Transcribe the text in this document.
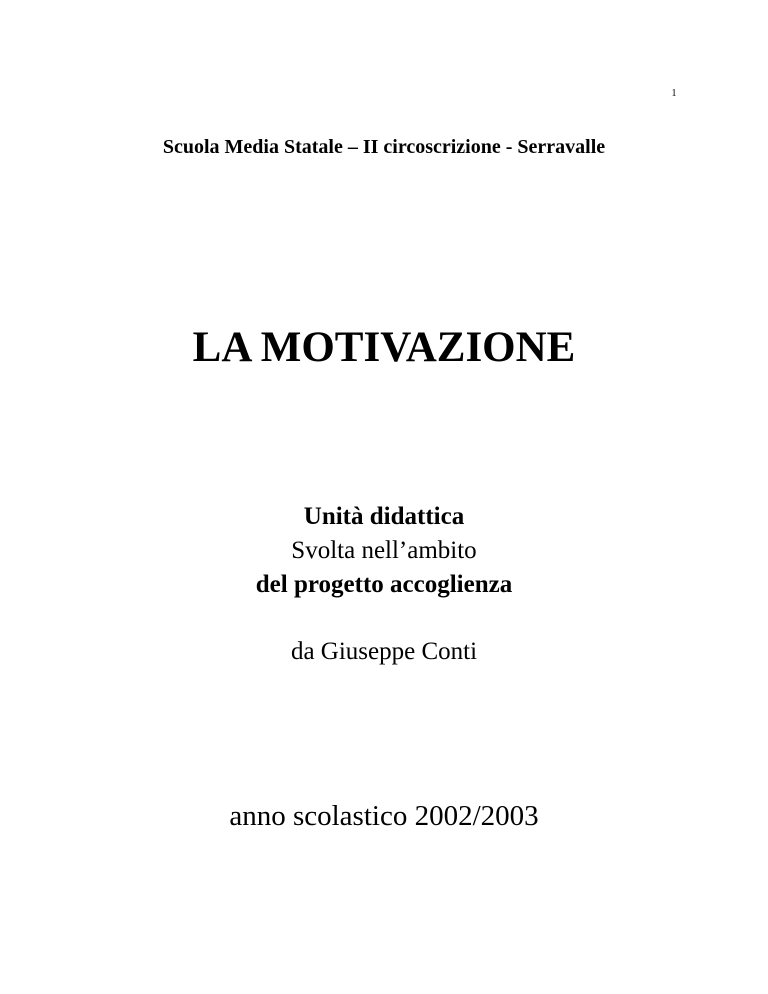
1
Scuola Media Statale – II circoscrizione - Serravalle
LA MOTIVAZIONE
Unità didattica
Svolta nell’ambito
del progetto accoglienza
da Giuseppe Conti
anno scolastico 2002/2003
